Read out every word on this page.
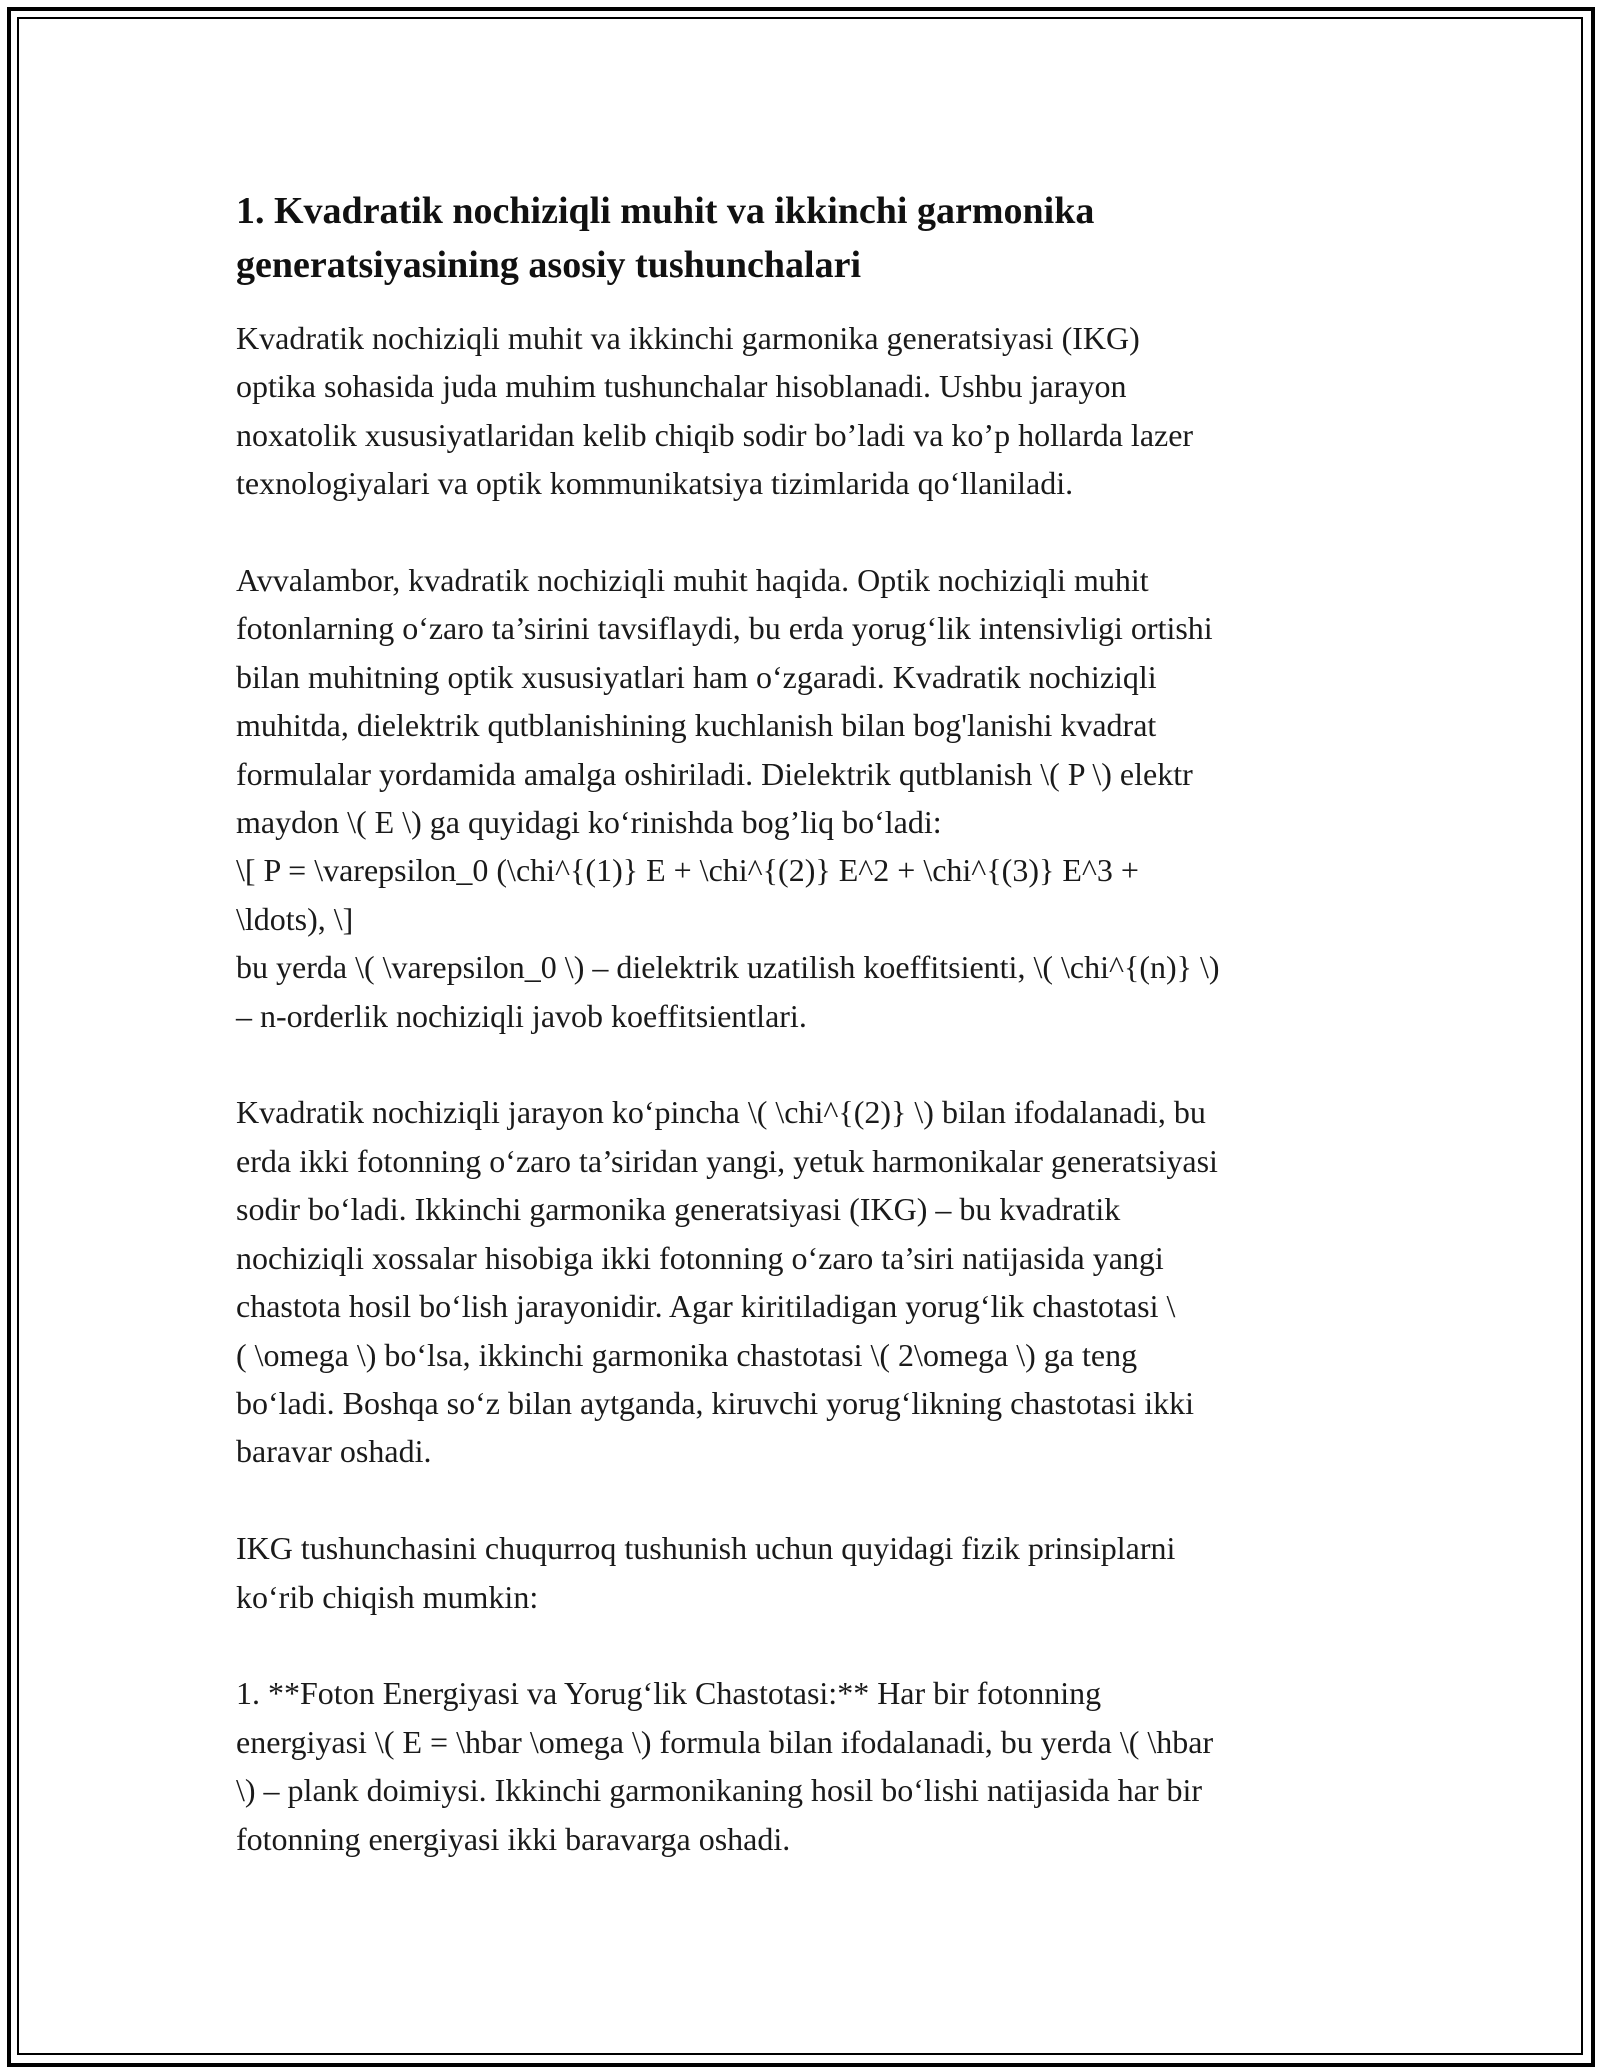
1. Kvadratik nochiziqli muhit va ikkinchi garmonika
generatsiyasining asosiy tushunchalari
Kvadratik nochiziqli muhit va ikkinchi garmonika generatsiyasi (IKG)
optika sohasida juda muhim tushunchalar hisoblanadi. Ushbu jarayon
noxatolik xususiyatlaridan kelib chiqib sodir bo’ladi va ko’p hollarda lazer
texnologiyalari va optik kommunikatsiya tizimlarida qo‘llaniladi.
Avvalambor, kvadratik nochiziqli muhit haqida. Optik nochiziqli muhit
fotonlarning o‘zaro ta’sirini tavsiflaydi, bu erda yorug‘lik intensivligi ortishi
bilan muhitning optik xususiyatlari ham o‘zgaradi. Kvadratik nochiziqli
muhitda, dielektrik qutblanishining kuchlanish bilan bog'lanishi kvadrat
formulalar yordamida amalga oshiriladi. Dielektrik qutblanish \( P \) elektr
maydon \( E \) ga quyidagi ko‘rinishda bog’liq bo‘ladi:
\[ P = \varepsilon_0 (\chi^{(1)} E + \chi^{(2)} E^2 + \chi^{(3)} E^3 +
\ldots), \]
bu yerda \( \varepsilon_0 \) – dielektrik uzatilish koeffitsienti, \( \chi^{(n)} \)
– n-orderlik nochiziqli javob koeffitsientlari.
Kvadratik nochiziqli jarayon ko‘pincha \( \chi^{(2)} \) bilan ifodalanadi, bu
erda ikki fotonning o‘zaro ta’siridan yangi, yetuk harmonikalar generatsiyasi
sodir bo‘ladi. Ikkinchi garmonika generatsiyasi (IKG) – bu kvadratik
nochiziqli xossalar hisobiga ikki fotonning o‘zaro ta’siri natijasida yangi
chastota hosil bo‘lish jarayonidir. Agar kiritiladigan yorug‘lik chastotasi \
( \omega \) bo‘lsa, ikkinchi garmonika chastotasi \( 2\omega \) ga teng
bo‘ladi. Boshqa so‘z bilan aytganda, kiruvchi yorug‘likning chastotasi ikki
baravar oshadi.
IKG tushunchasini chuqurroq tushunish uchun quyidagi fizik prinsiplarni
ko‘rib chiqish mumkin:
1. **Foton Energiyasi va Yorug‘lik Chastotasi:** Har bir fotonning
energiyasi \( E = \hbar \omega \) formula bilan ifodalanadi, bu yerda \( \hbar
\) – plank doimiysi. Ikkinchi garmonikaning hosil bo‘lishi natijasida har bir
fotonning energiyasi ikki baravarga oshadi.
